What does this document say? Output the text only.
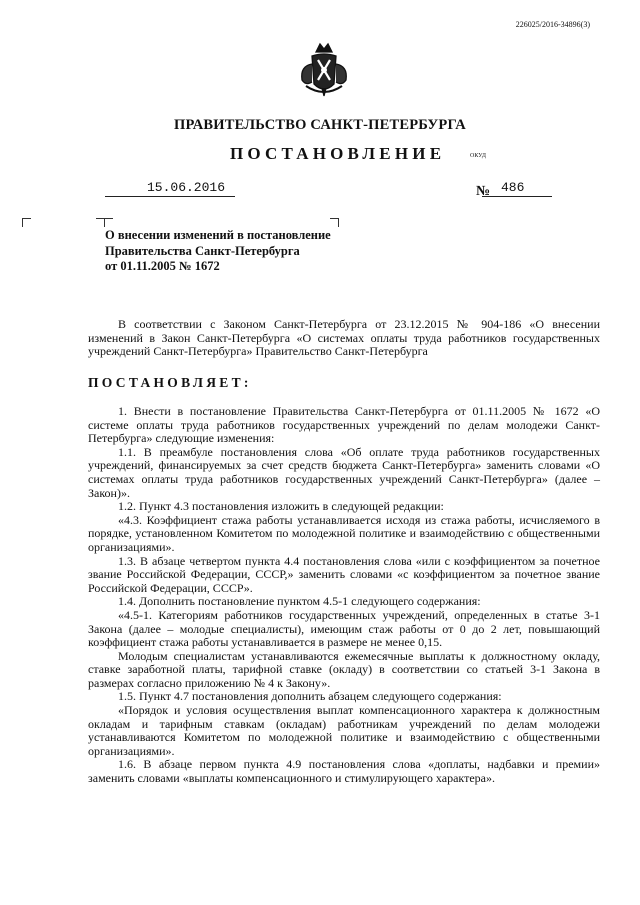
226025/2016-34896(3)
ПРАВИТЕЛЬСТВО САНКТ-ПЕТЕРБУРГА
ПОСТАНОВЛЕНИЕ	ОКУД
15.06.2016	№ 486
О внесении изменений в постановление
Правительства Санкт-Петербурга
от 01.11.2005 № 1672

В соответствии с Законом Санкт-Петербурга от 23.12.2015 № 904-186 «О внесении изменений в Закон Санкт-Петербурга «О системах оплаты труда работников государственных учреждений Санкт-Петербурга» Правительство Санкт-Петербурга

ПОСТАНОВЛЯЕТ:

1. Внести в постановление Правительства Санкт-Петербурга от 01.11.2005 № 1672 «О системе оплаты труда работников государственных учреждений по делам молодежи Санкт-Петербурга» следующие изменения:

1.1. В преамбуле постановления слова «Об оплате труда работников государственных учреждений, финансируемых за счет средств бюджета Санкт-Петербурга» заменить словами «О системах оплаты труда работников государственных учреждений Санкт-Петербурга» (далее – Закон)».

1.2. Пункт 4.3 постановления изложить в следующей редакции:

«4.3. Коэффициент стажа работы устанавливается исходя из стажа работы, исчисляемого в порядке, установленном Комитетом по молодежной политике и взаимодействию с общественными организациями».

1.3. В абзаце четвертом пункта 4.4 постановления слова «или с коэффициентом за почетное звание Российской Федерации, СССР,» заменить словами «с коэффициентом за почетное звание Российской Федерации, СССР».

1.4. Дополнить постановление пунктом 4.5-1 следующего содержания:

«4.5-1. Категориям работников государственных учреждений, определенных в статье 3-1 Закона (далее – молодые специалисты), имеющим стаж работы от 0 до 2 лет, повышающий коэффициент стажа работы устанавливается в размере не менее 0,15.

Молодым специалистам устанавливаются ежемесячные выплаты к должностному окладу, ставке заработной платы, тарифной ставке (окладу) в соответствии со статьей 3-1 Закона в размерах согласно приложению № 4 к Закону».

1.5. Пункт 4.7 постановления дополнить абзацем следующего содержания:

«Порядок и условия осуществления выплат компенсационного характера к должностным окладам и тарифным ставкам (окладам) работникам учреждений по делам молодежи устанавливаются Комитетом по молодежной политике и взаимодействию с общественными организациями».

1.6. В абзаце первом пункта 4.9 постановления слова «доплаты, надбавки и премии» заменить словами «выплаты компенсационного и стимулирующего характера».
